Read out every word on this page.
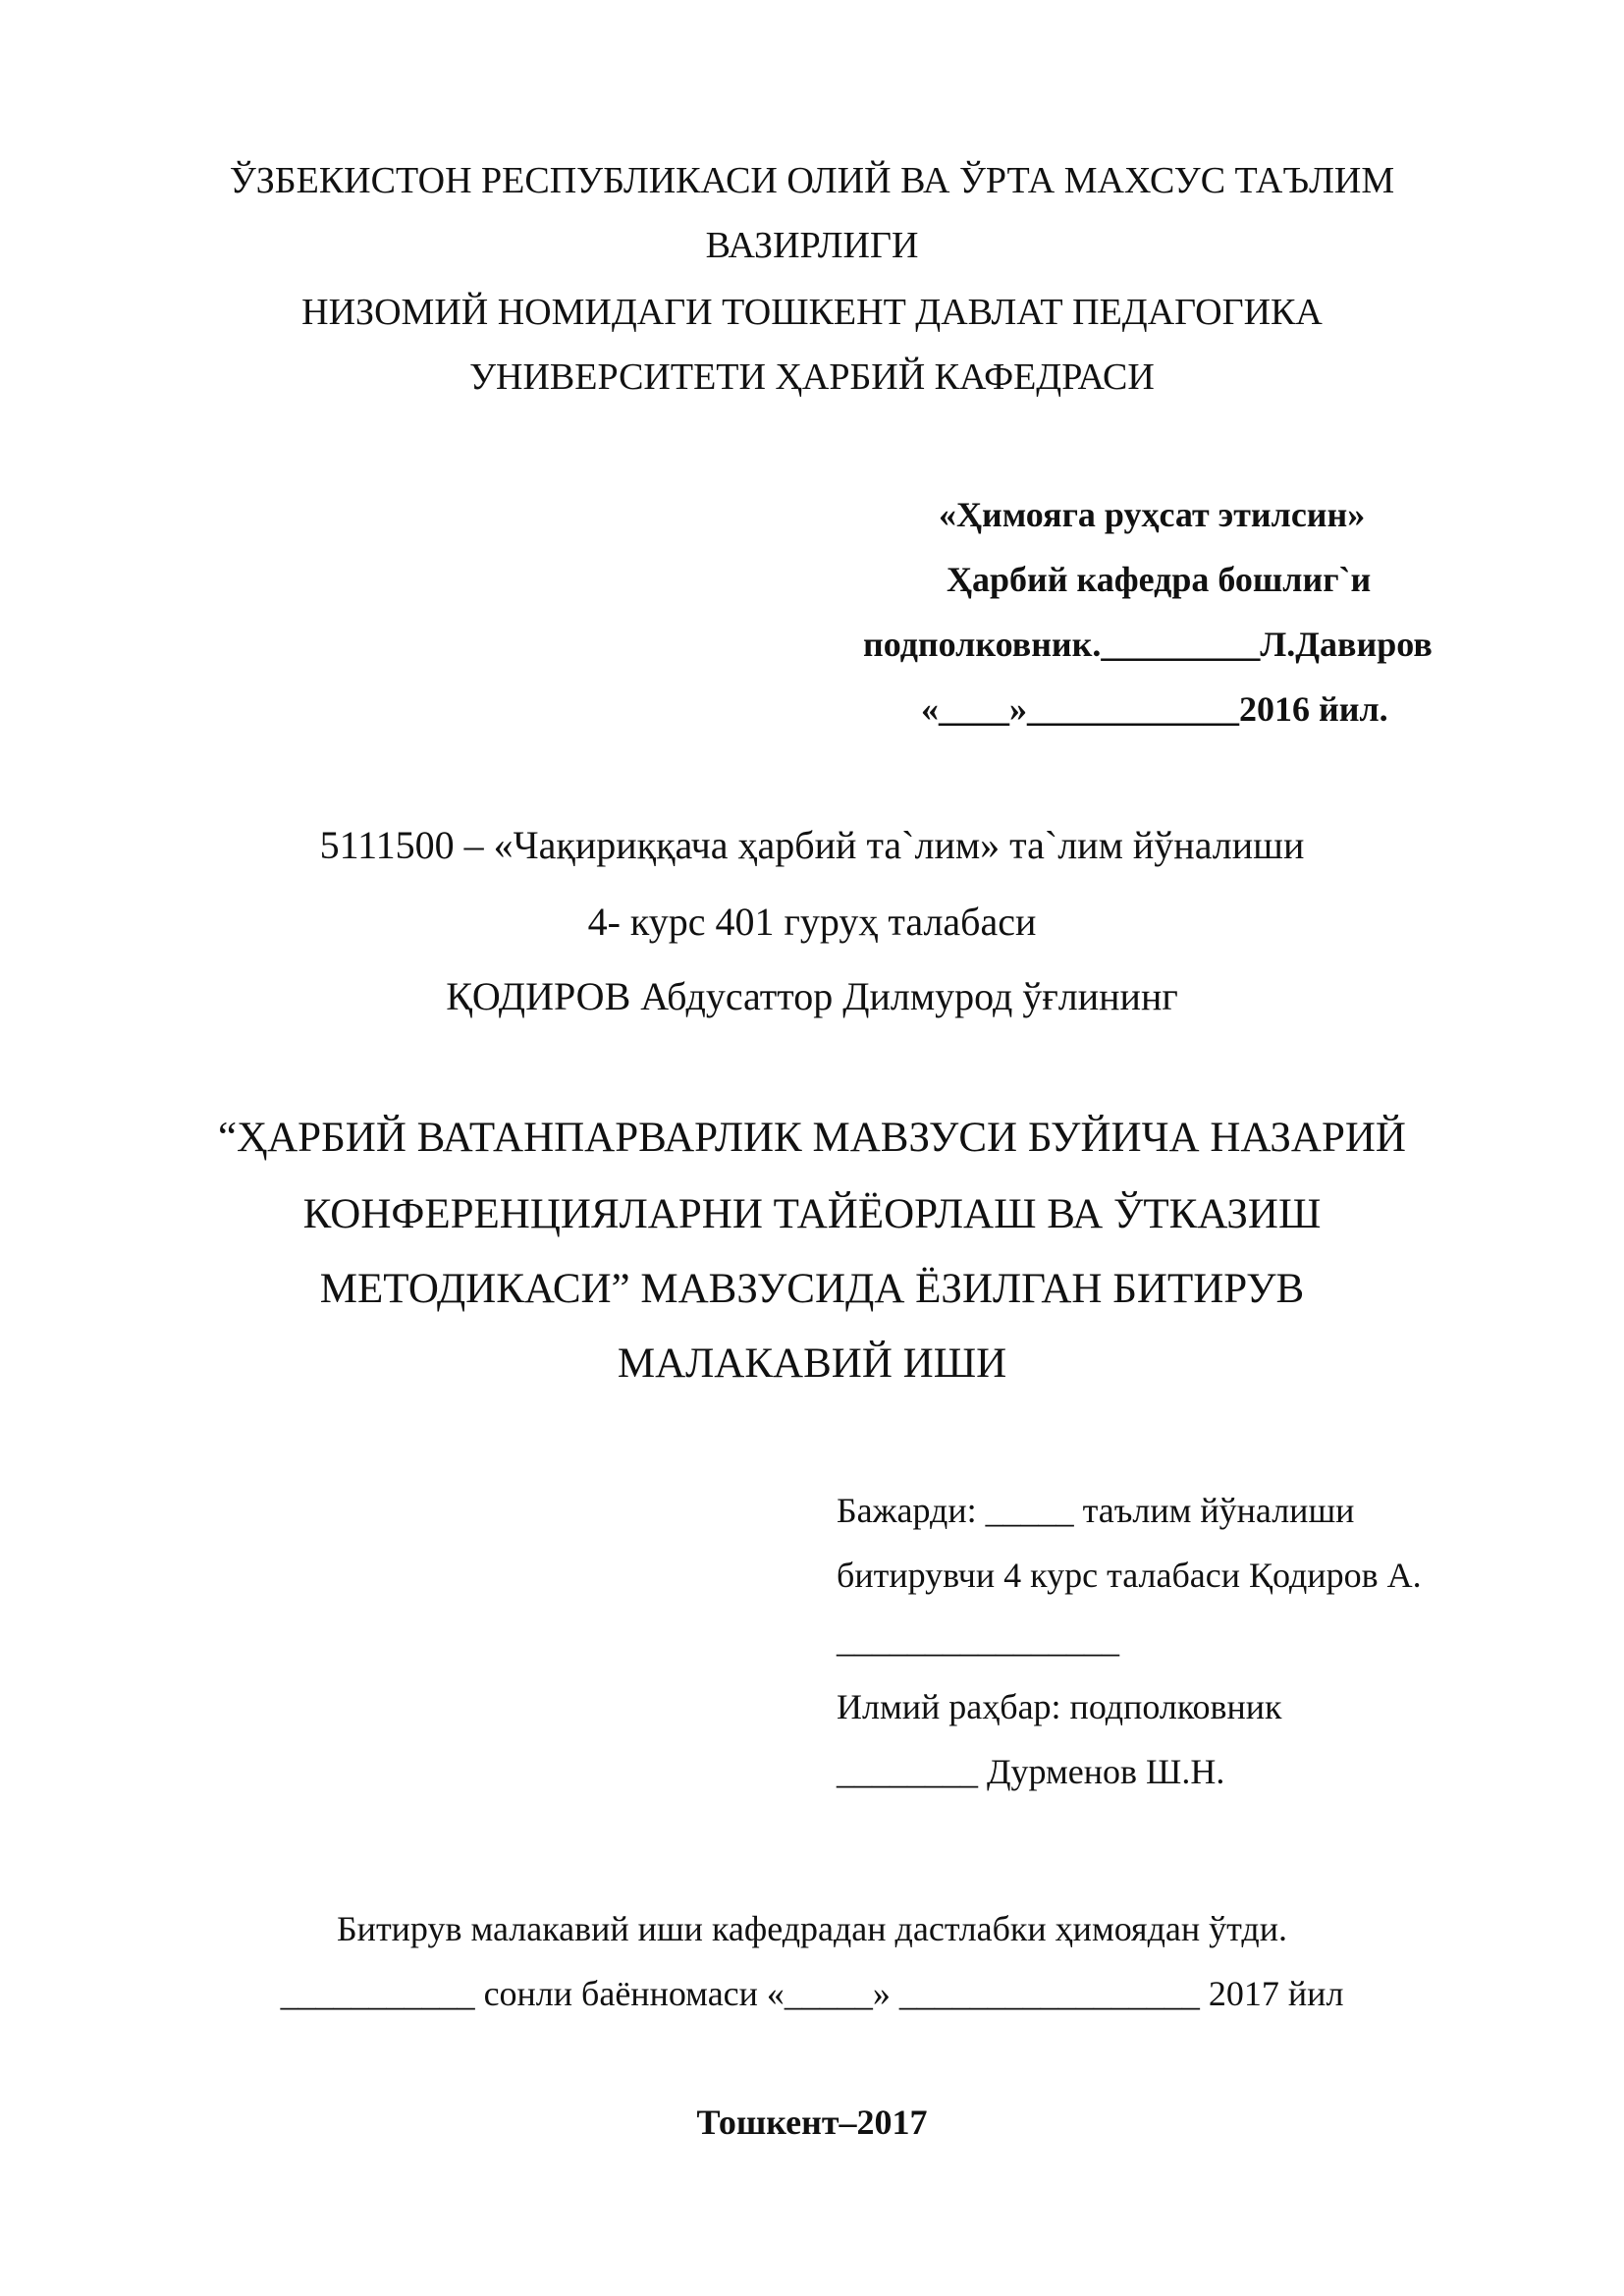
ЎЗБЕКИСТОН РЕСПУБЛИКАСИ ОЛИЙ ВА ЎРТА МАХСУС ТАЪЛИМ

ВАЗИРЛИГИ

НИЗОМИЙ НОМИДАГИ ТОШКЕНТ ДАВЛАТ ПЕДАГОГИКА

УНИВЕРСИТЕТИ ҲАРБИЙ КАФЕДРАСИ

«Ҳимояга руҳсат этилсин»

Ҳарбий кафедра бошлиг`и

подполковник._________Л.Давиров

«____»____________2016 йил.

5111500 – «Чақириққача ҳарбий та`лим» та`лим йўналиши

4- курс 401 гуруҳ талабаси

ҚОДИРОВ Абдусаттор Дилмурод ўғлининг

“ҲАРБИЙ ВАТАНПАРВАРЛИК МАВЗУСИ БУЙИЧА НАЗАРИЙ

КОНФЕРЕНЦИЯЛАРНИ ТАЙЁОРЛАШ ВА ЎТКАЗИШ

МЕТОДИКАСИ” МАВЗУСИДА ЁЗИЛГАН БИТИРУВ

МАЛАКАВИЙ ИШИ

Бажарди: _____ таълим йўналиши

битирувчи 4 курс талабаси Қодиров А.

________________

Илмий раҳбар: подполковник

________ Дурменов Ш.Н.

Битирув малакавий иши кафедрадан дастлабки ҳимоядан ўтди.

___________ сонли баённомаси «_____» _________________ 2017 йил

Тошкент–2017
